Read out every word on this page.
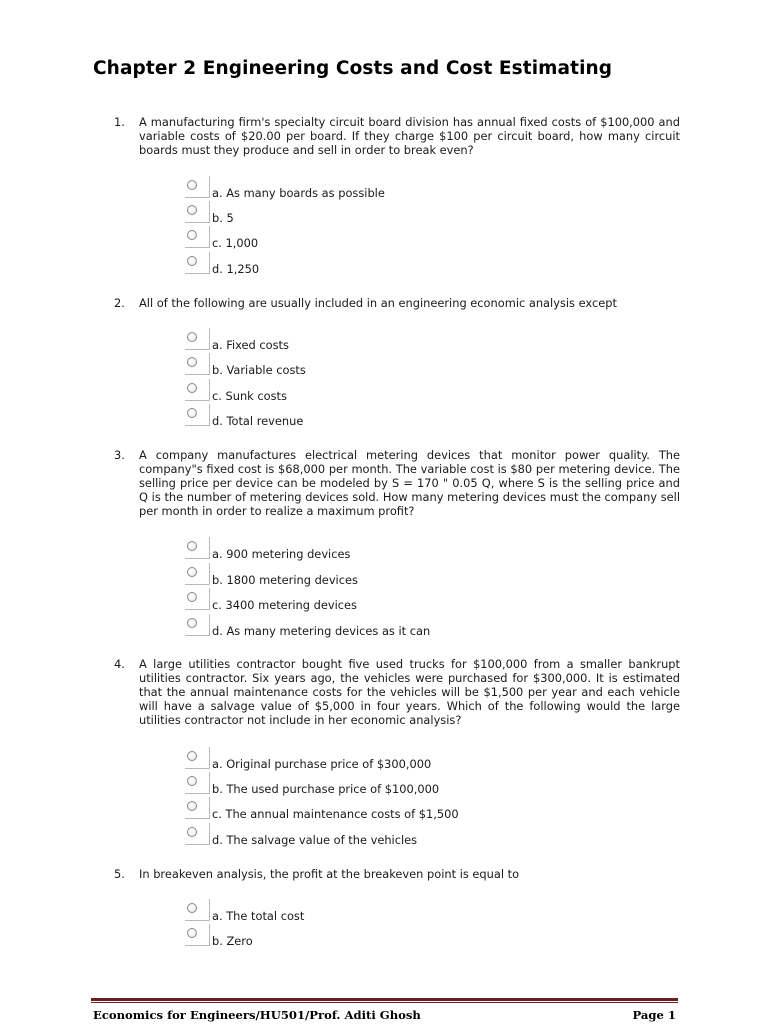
Chapter 2 Engineering Costs and Cost Estimating
1.	A manufacturing firm's specialty circuit board division has annual fixed costs of $100,000 and variable costs of $20.00 per board. If they charge $100 per circuit board, how many circuit boards must they produce and sell in order to break even?
a. As many boards as possible
b. 5
c. 1,000
d. 1,250
2.	All of the following are usually included in an engineering economic analysis except
a. Fixed costs
b. Variable costs
c. Sunk costs
d. Total revenue
3.	A company manufactures electrical metering devices that monitor power quality. The company"s fixed cost is $68,000 per month. The variable cost is $80 per metering device. The selling price per device can be modeled by S = 170 " 0.05 Q, where S is the selling price and Q is the number of metering devices sold. How many metering devices must the company sell per month in order to realize a maximum profit?
a. 900 metering devices
b. 1800 metering devices
c. 3400 metering devices
d. As many metering devices as it can
4.	A large utilities contractor bought five used trucks for $100,000 from a smaller bankrupt utilities contractor. Six years ago, the vehicles were purchased for $300,000. It is estimated that the annual maintenance costs for the vehicles will be $1,500 per year and each vehicle will have a salvage value of $5,000 in four years. Which of the following would the large utilities contractor not include in her economic analysis?
a. Original purchase price of $300,000
b. The used purchase price of $100,000
c. The annual maintenance costs of $1,500
d. The salvage value of the vehicles
5.	In breakeven analysis, the profit at the breakeven point is equal to
a. The total cost
b. Zero
Economics for Engineers/HU501/Prof. Aditi Ghosh	Page 1
